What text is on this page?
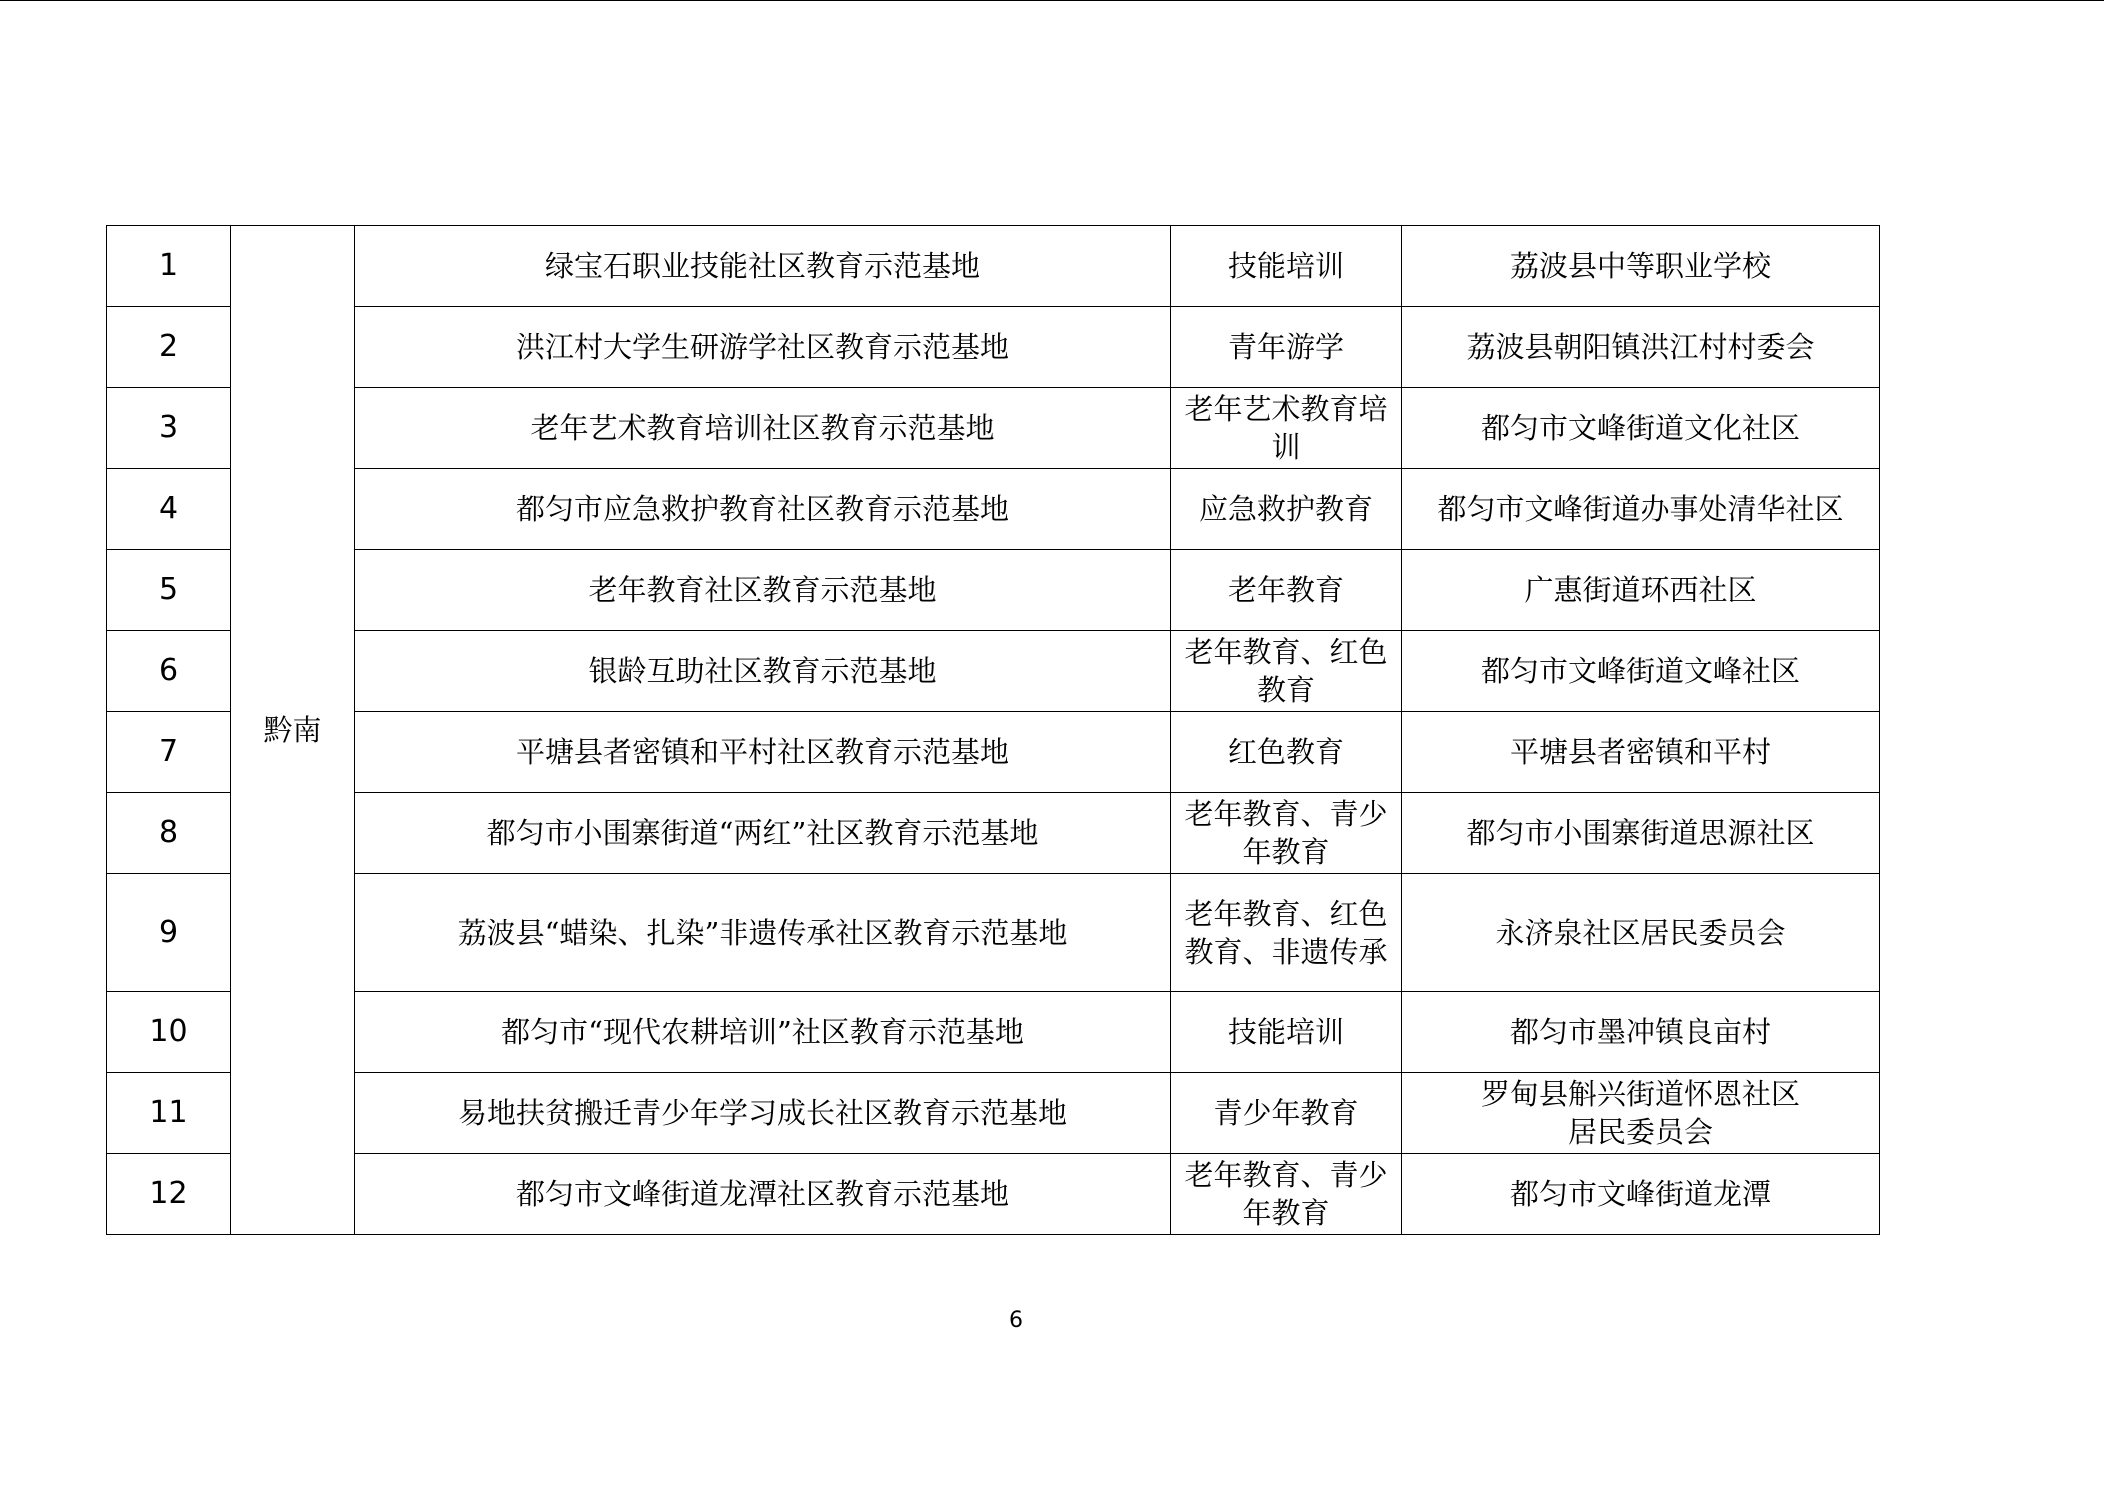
1	黔南	绿宝石职业技能社区教育示范基地	技能培训	荔波县中等职业学校
2		洪江村大学生研游学社区教育示范基地	青年游学	荔波县朝阳镇洪江村村委会
3		老年艺术教育培训社区教育示范基地	老年艺术教育培训	都匀市文峰街道文化社区
4		都匀市应急救护教育社区教育示范基地	应急救护教育	都匀市文峰街道办事处清华社区
5		老年教育社区教育示范基地	老年教育	广惠街道环西社区
6		银龄互助社区教育示范基地	老年教育、红色教育	都匀市文峰街道文峰社区
7		平塘县者密镇和平村社区教育示范基地	红色教育	平塘县者密镇和平村
8		都匀市小围寨街道“两红”社区教育示范基地	老年教育、青少年教育	都匀市小围寨街道思源社区
9		荔波县“蜡染、扎染”非遗传承社区教育示范基地	老年教育、红色教育、非遗传承	永济泉社区居民委员会
10		都匀市“现代农耕培训”社区教育示范基地	技能培训	都匀市墨冲镇良亩村
11		易地扶贫搬迁青少年学习成长社区教育示范基地	青少年教育	罗甸县斛兴街道怀恩社区居民委员会
12		都匀市文峰街道龙潭社区教育示范基地	老年教育、青少年教育	都匀市文峰街道龙潭
6
